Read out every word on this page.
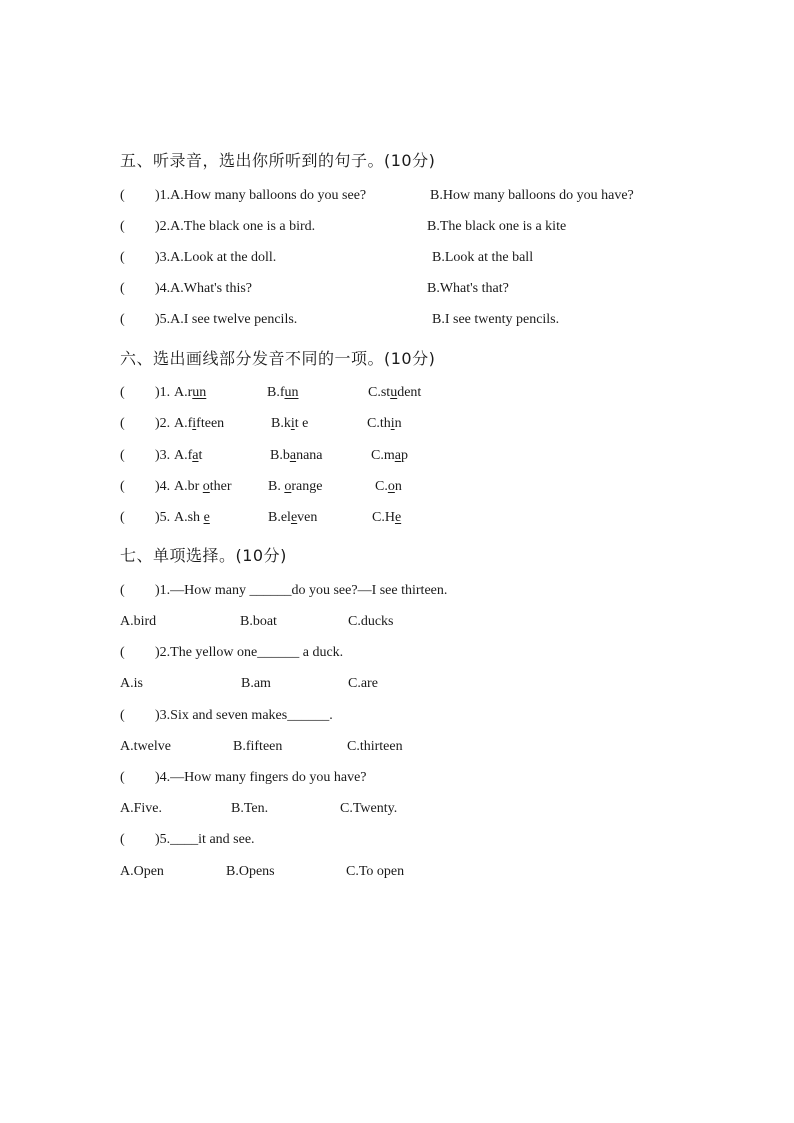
五、听录音，选出你所听到的句子。(10分)
( )1.A.How many balloons do you see?	B.How many balloons do you have?
( )2.A.The black one is a bird.	B.The black one is a kite
( )3.A.Look at the doll.	B.Look at the ball
( )4.A.What's this?	B.What's that?
( )5.A.I see twelve pencils.	B.I see twenty pencils.
六、选出画线部分发音不同的一项。(10分)
( )1. A.run	B.fun	C.student
( )2. A.fifteen	B.kit e	C.thin
( )3. A.fat	B.banana	C.map
( )4. A.br other	B. orange	C.on
( )5. A.sh e	B.eleven	C.He
七、单项选择。(10分)
( )1.—How many ______do you see?—I see thirteen.
A.bird	B.boat	C.ducks
( )2.The yellow one______ a duck.
A.is	B.am	C.are
( )3.Six and seven makes______.
A.twelve	B.fifteen	C.thirteen
( )4.—How many fingers do you have?
A.Five.	B.Ten.	C.Twenty.
( )5.____it and see.
A.Open	B.Opens	C.To open
